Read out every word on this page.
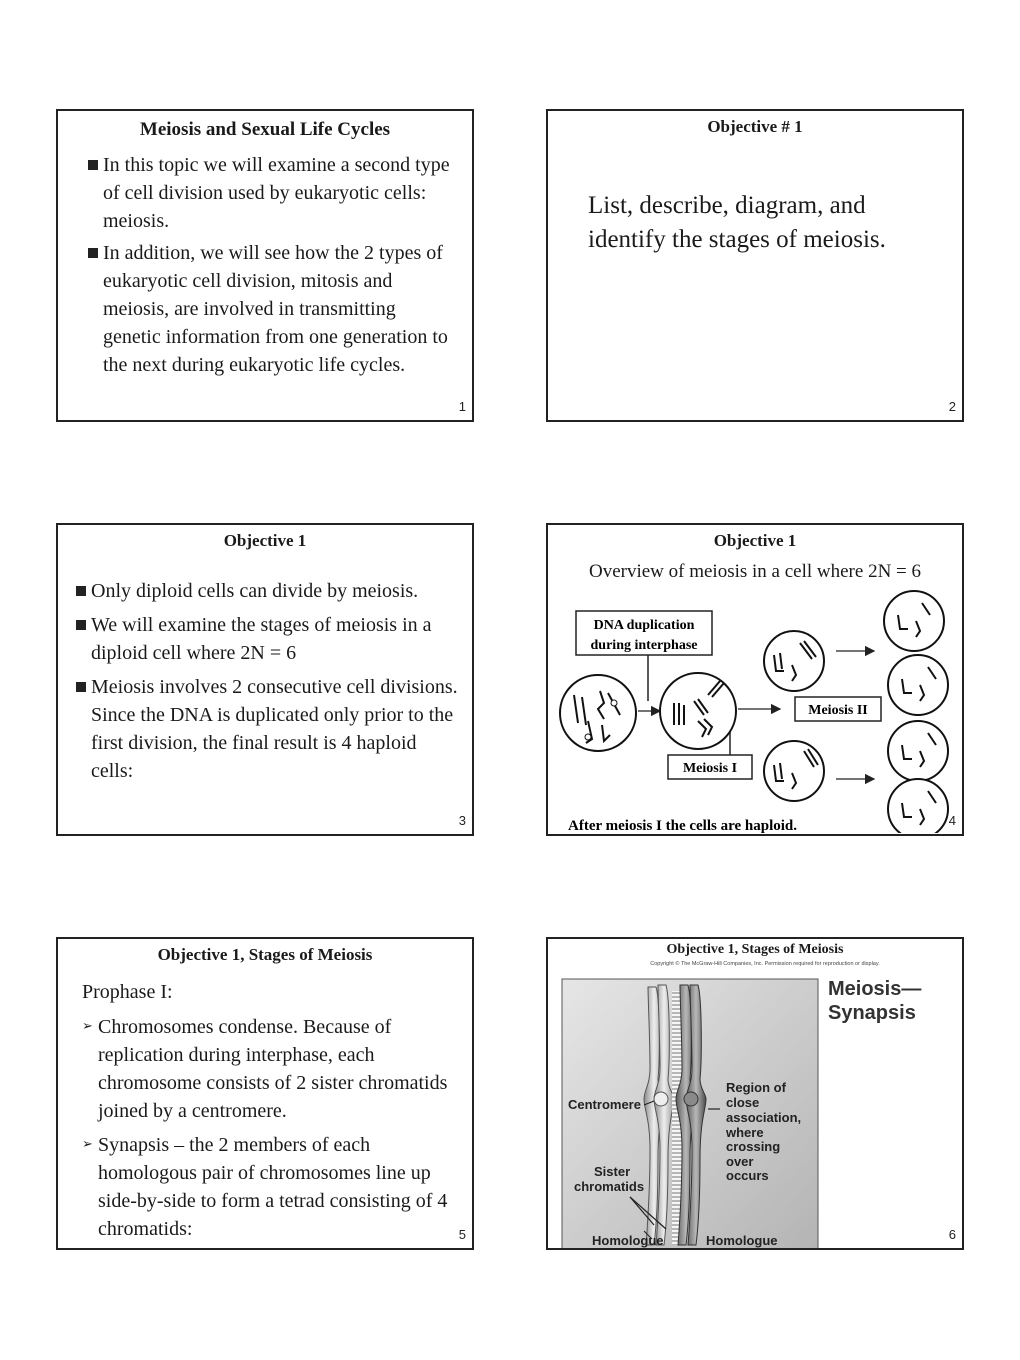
Meiosis and Sexual Life Cycles
In this topic we will examine a second type of cell division used by eukaryotic cells: meiosis.
In addition, we will see how the 2 types of eukaryotic cell division, mitosis and meiosis, are involved in transmitting genetic information from one generation to the next during eukaryotic life cycles.
1
Objective # 1
List, describe, diagram, and identify the stages of meiosis.
2
Objective 1
Only diploid cells can divide by meiosis.
We will examine the stages of meiosis in a diploid cell where 2N = 6
Meiosis involves 2 consecutive cell divisions. Since the DNA is duplicated only prior to the first division, the final result is 4 haploid cells:
3
Objective 1
Overview of meiosis in a cell where 2N = 6
DNA duplication
during interphase
Meiosis II
Meiosis I
After meiosis I the cells are haploid.	4
Objective 1, Stages of Meiosis
Prophase I:
➢ Chromosomes condense. Because of replication during interphase, each chromosome consists of 2 sister chromatids joined by a centromere.
➢ Synapsis – the 2 members of each homologous pair of chromosomes line up side-by-side to form a tetrad consisting of 4 chromatids:	5
Objective 1, Stages of Meiosis
Copyright © The McGraw-Hill Companies, Inc. Permission required for reproduction or display.
Meiosis—
Synapsis
Centromere
Region of
close
association,
where
crossing
over
occurs
Sister
chromatids
Homologue	Homologue	6
